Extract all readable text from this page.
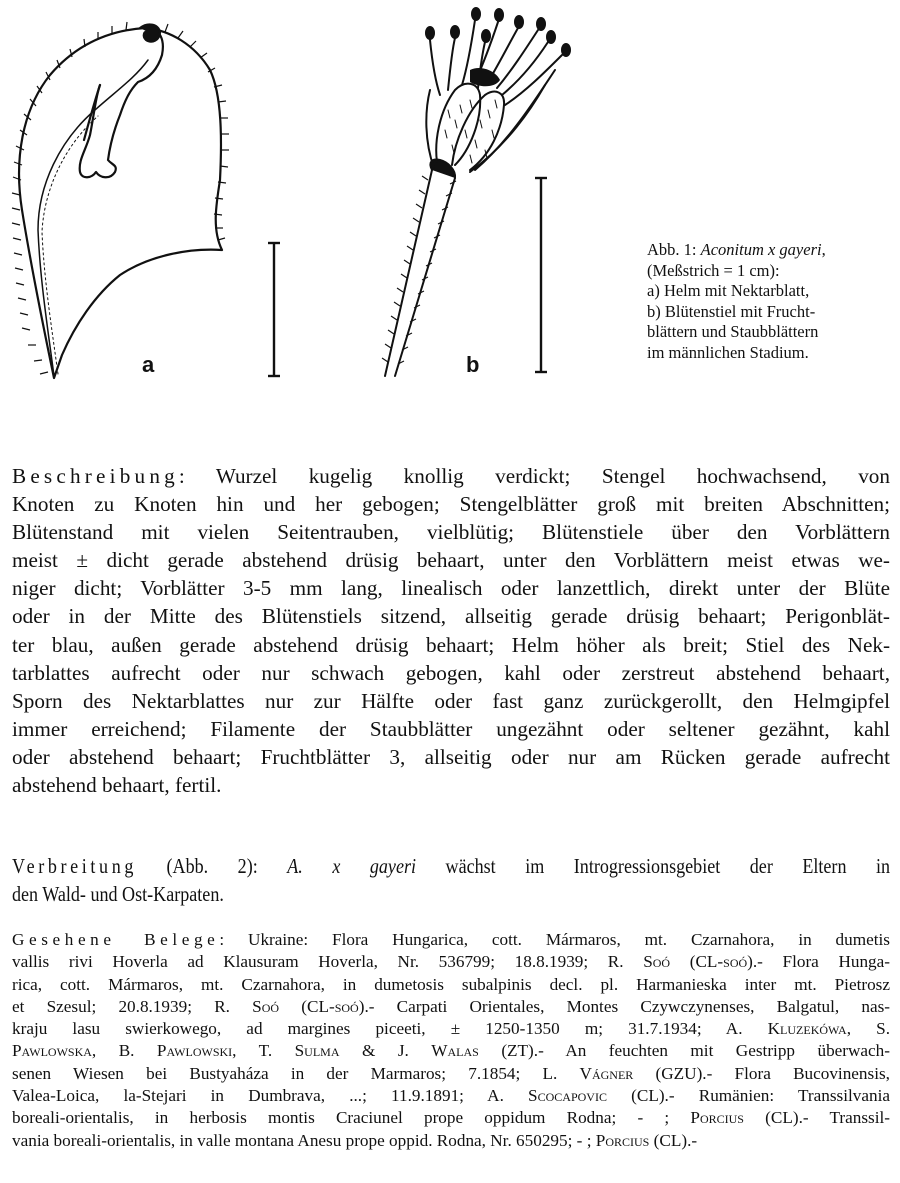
a	b
Abb. 1: Aconitum x gayeri,
(Meßstrich = 1 cm):
a) Helm mit Nektarblatt,
b) Blütenstiel mit Frucht-
blättern und Staubblättern
im männlichen Stadium.
Beschreibung: Wurzel kugelig knollig verdickt; Stengel hochwachsend, von
Knoten zu Knoten hin und her gebogen; Stengelblätter groß mit breiten Abschnitten;
Blütenstand mit vielen Seitentrauben, vielblütig; Blütenstiele über den Vorblättern
meist ± dicht gerade abstehend drüsig behaart, unter den Vorblättern meist etwas we-
niger dicht; Vorblätter 3-5 mm lang, linealisch oder lanzettlich, direkt unter der Blüte
oder in der Mitte des Blütenstiels sitzend, allseitig gerade drüsig behaart; Perigonblät-
ter blau, außen gerade abstehend drüsig behaart; Helm höher als breit; Stiel des Nek-
tarblattes aufrecht oder nur schwach gebogen, kahl oder zerstreut abstehend behaart,
Sporn des Nektarblattes nur zur Hälfte oder fast ganz zurückgerollt, den Helmgipfel
immer erreichend; Filamente der Staubblätter ungezähnt oder seltener gezähnt, kahl
oder abstehend behaart; Fruchtblätter 3, allseitig oder nur am Rücken gerade aufrecht
abstehend behaart, fertil.
Verbreitung (Abb. 2): A. x gayeri wächst im Introgressionsgebiet der Eltern in
den Wald- und Ost-Karpaten.
Gesehene Belege: Ukraine: Flora Hungarica, cott. Mármaros, mt. Czarnahora, in dumetis
vallis rivi Hoverla ad Klausuram Hoverla, Nr. 536799; 18.8.1939; R. Soó (CL-soó).- Flora Hunga-
rica, cott. Mármaros, mt. Czarnahora, in dumetosis subalpinis decl. pl. Harmanieska inter mt. Pietrosz
et Szesul; 20.8.1939; R. Soó (CL-soó).- Carpati Orientales, Montes Czywczynenses, Balgatul, nas-
kraju lasu swierkowego, ad margines piceeti, ± 1250-1350 m; 31.7.1934; A. Kluzekówa, S.
Pawlowska, B. Pawlowski, T. Sulma & J. Walas (ZT).- An feuchten mit Gestripp überwach-
senen Wiesen bei Bustyaháza in der Marmaros; 7.1854; L. Vágner (GZU).- Flora Bucovinensis,
Valea-Loica, la-Stejari in Dumbrava, ...; 11.9.1891; A. Scocapovic (CL).- Rumänien: Transsilvania
boreali-orientalis, in herbosis montis Craciunel prope oppidum Rodna; - ; Porcius (CL).- Transsil-
vania boreali-orientalis, in valle montana Anesu prope oppid. Rodna, Nr. 650295; - ; Porcius (CL).-
